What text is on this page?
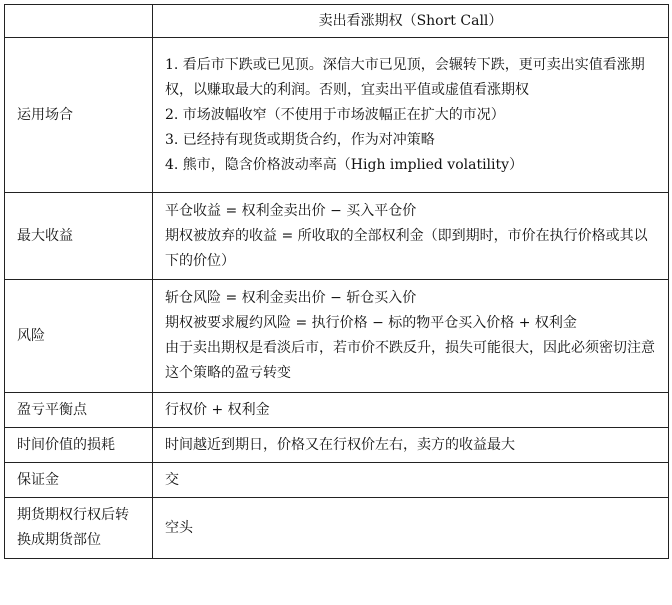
	卖出看涨期权（Short Call）
运用场合	1. 看后市下跌或已见顶。深信大市已见顶，会辗转下跌，更可卖出实值看涨期权，以赚取最大的利润。否则，宜卖出平值或虚值看涨期权
2. 市场波幅收窄（不使用于市场波幅正在扩大的市况）
3. 已经持有现货或期货合约，作为对冲策略
4. 熊市，隐含价格波动率高（High implied volatility）

最大收益	平仓收益 = 权利金卖出价 − 买入平仓价
期权被放弃的收益 = 所收取的全部权利金（即到期时，市价在执行价格或其以下的价位）

风险	斩仓风险 = 权利金卖出价 − 斩仓买入价
期权被要求履约风险 = 执行价格 − 标的物平仓买入价格 + 权利金
由于卖出期权是看淡后市，若市价不跌反升，损失可能很大，因此必须密切注意这个策略的盈亏转变

盈亏平衡点	行权价 + 权利金
时间价值的损耗	时间越近到期日，价格又在行权价左右，卖方的收益最大
保证金	交
期货期权行权后转换成期货部位	空头
